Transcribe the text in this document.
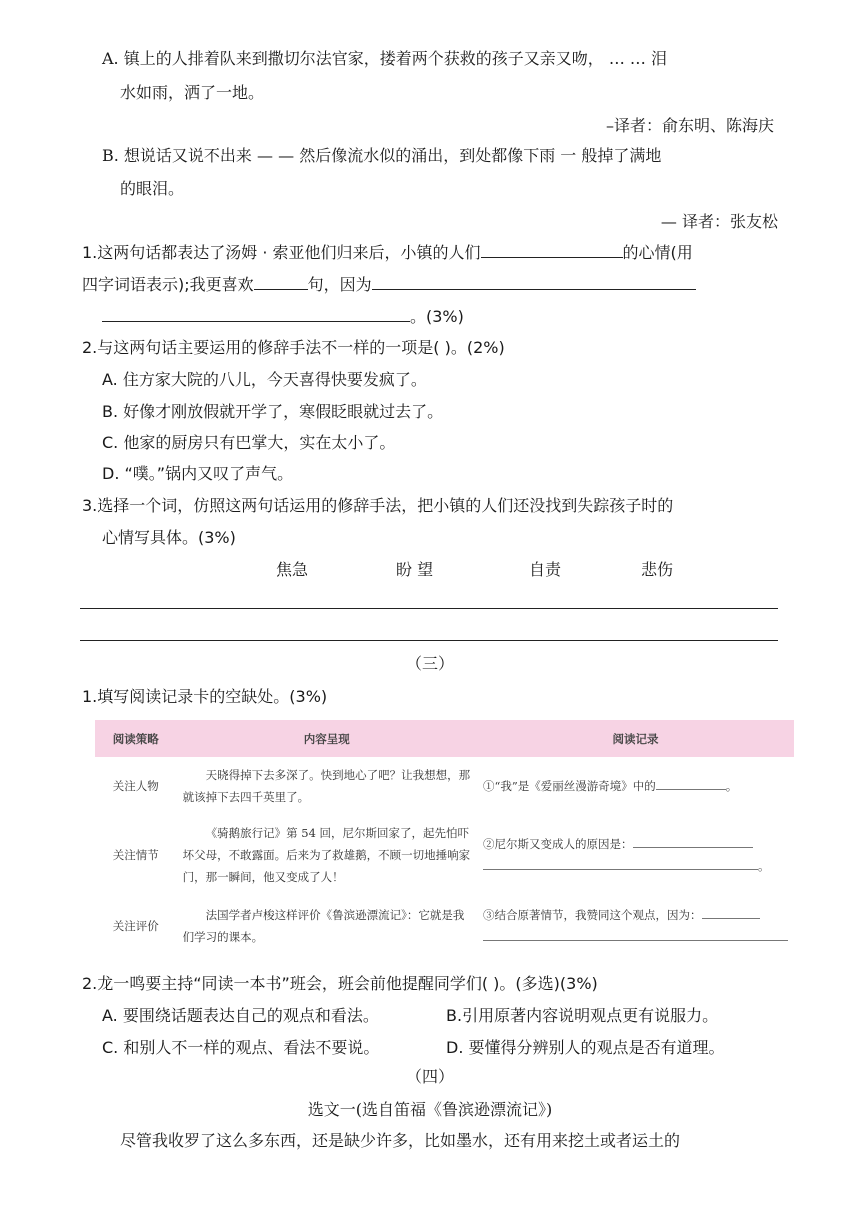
A. 镇上的人排着队来到撒切尔法官家，搂着两个获救的孩子又亲又吻， … … 泪
水如雨，洒了一地。
–译者：俞东明、陈海庆
B. 想说话又说不出来 — — 然后像流水似的涌出，到处都像下雨 一 般掉了满地
的眼泪。
— 译者：张友松
1.这两句话都表达了汤姆 · 索亚他们归来后，小镇的人们	的心情(用
四字词语表示);我更喜欢	句，因为
。(3%)
2.与这两句话主要运用的修辞手法不一样的一项是( )。(2%)
A. 住方家大院的八儿，今天喜得快要发疯了。
B. 好像才刚放假就开学了，寒假眨眼就过去了。
C. 他家的厨房只有巴掌大，实在太小了。
D. “噗。”锅内又叹了声气。
3.选择一个词，仿照这两句话运用的修辞手法，把小镇的人们还没找到失踪孩子时的
心情写具体。(3%)
焦急	盼 望	自责	悲伤
（三）
1.填写阅读记录卡的空缺处。(3%)
阅读策略	内容呈现	阅读记录
关注人物	天晓得掉下去多深了。快到地心了吧？让我想想，那就该掉下去四千英里了。	①“我”是《爱丽丝漫游奇境》中的 。
关注情节	《骑鹅旅行记》第 54 回，尼尔斯回家了，起先怕吓坏父母，不敢露面。后来为了救雄鹅，不顾一切地捶响家门，那一瞬间，他又变成了人！	②尼尔斯又变成人的原因是：
。
关注评价	法国学者卢梭这样评价《鲁滨逊漂流记》：它就是我们学习的课本。	③结合原著情节，我赞同这个观点，因为：

2.龙一鸣要主持“同读一本书”班会，班会前他提醒同学们( )。(多选)(3%)
A. 要围绕话题表达自己的观点和看法。	B.引用原著内容说明观点更有说服力。
C. 和别人不一样的观点、看法不要说。	D. 要懂得分辨别人的观点是否有道理。
（四）
选文一(选自笛福《鲁滨逊漂流记》)
尽管我收罗了这么多东西，还是缺少许多，比如墨水，还有用来挖土或者运土的
